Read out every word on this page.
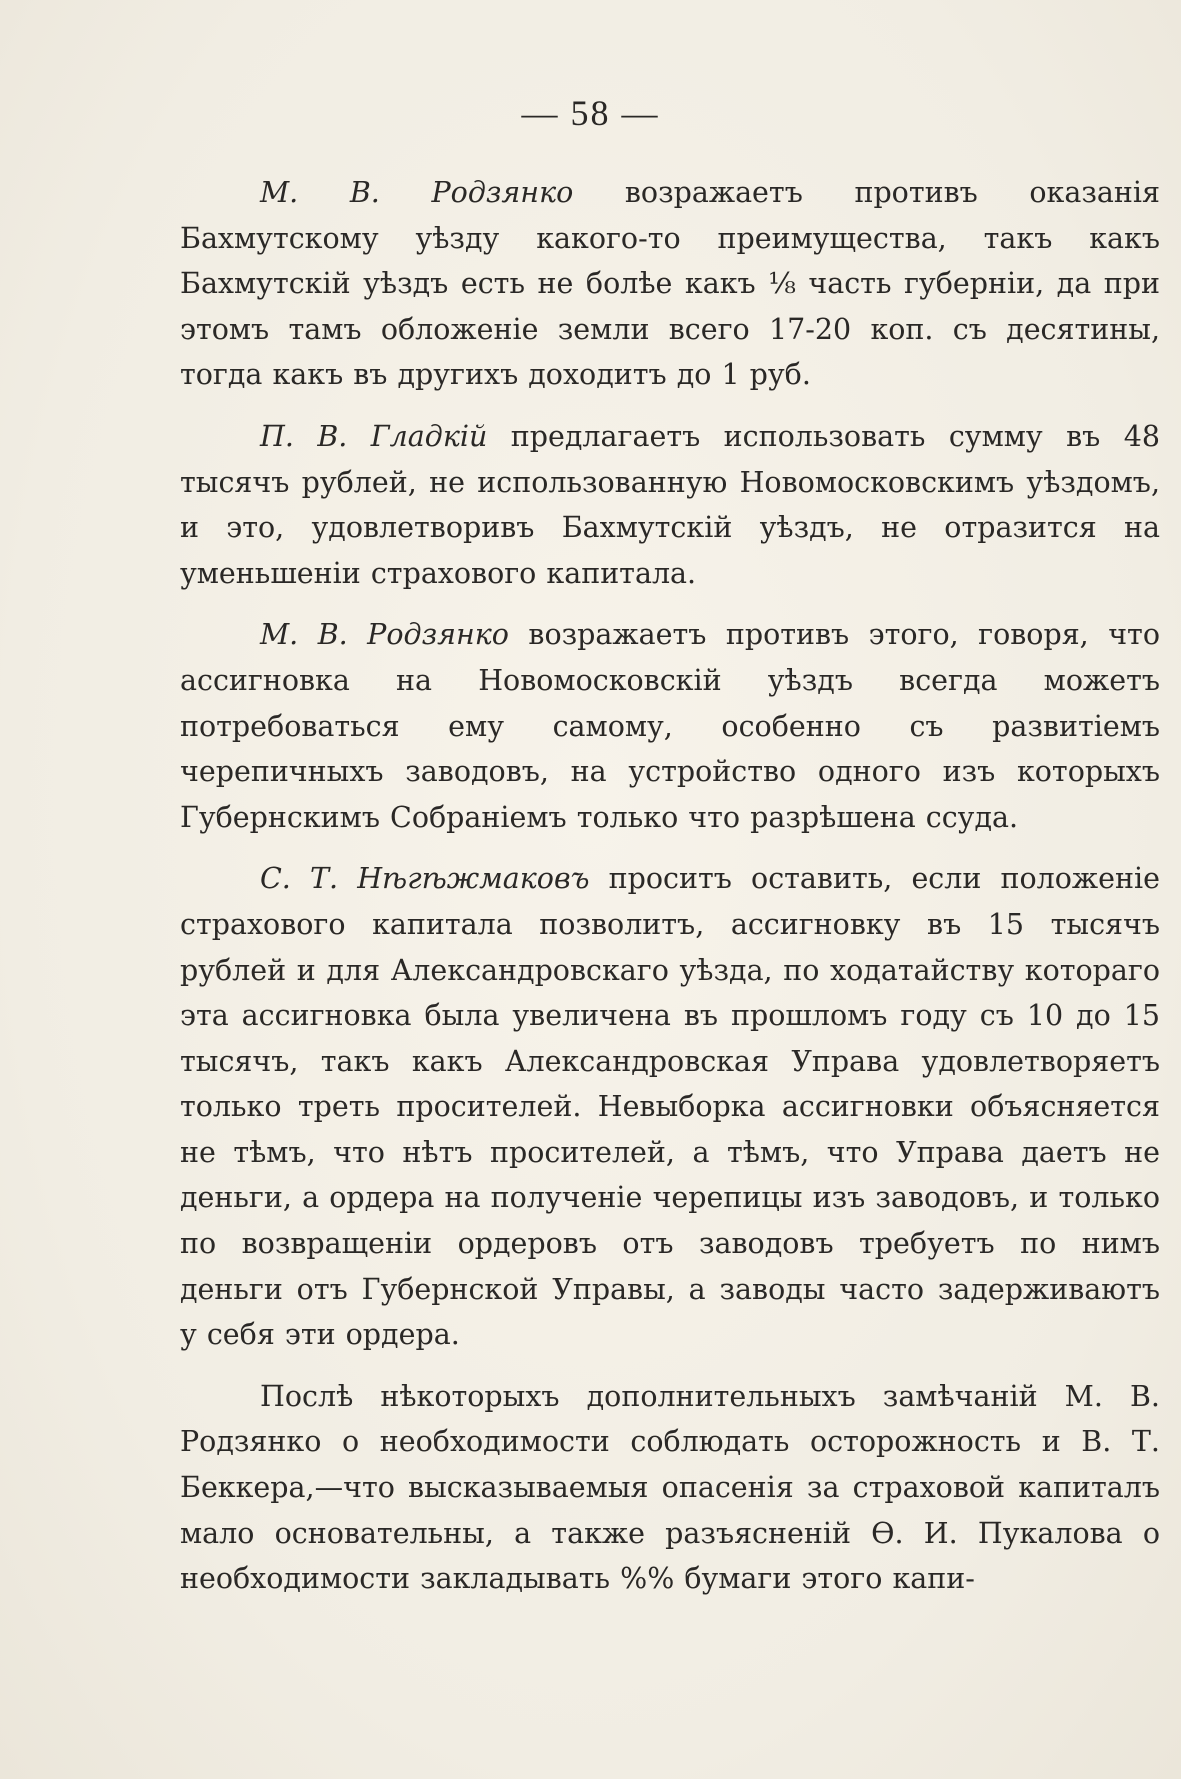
— 58 —

М. В. Родзянко возражаетъ противъ оказанія Бахмутскому уѣзду какого-то преимущества, такъ какъ Бахмутскій уѣздъ есть не болѣе какъ ⅛ часть губерніи, да при этомъ тамъ обложеніе земли всего 17-20 коп. съ десятины, тогда какъ въ другихъ доходитъ до 1 руб.

П. В. Гладкій предлагаетъ использовать сумму въ 48 тысячъ рублей, не использованную Новомосковскимъ уѣздомъ, и это, удовлетворивъ Бахмутскій уѣздъ, не отразится на уменьшеніи страхового капитала.

М. В. Родзянко возражаетъ противъ этого, говоря, что ассигновка на Новомосковскій уѣздъ всегда можетъ потребоваться ему самому, особенно съ развитіемъ черепичныхъ заводовъ, на устройство одного изъ которыхъ Губернскимъ Собраніемъ только что разрѣшена ссуда.

С. Т. Нѣгѣжмаковъ проситъ оставить, если положеніе страхового капитала позволитъ, ассигновку въ 15 тысячъ рублей и для Александровскаго уѣзда, по ходатайству котораго эта ассигновка была увеличена въ прошломъ году съ 10 до 15 тысячъ, такъ какъ Александровская Управа удовлетворяетъ только треть просителей. Невыборка ассигновки объясняется не тѣмъ, что нѣтъ просителей, а тѣмъ, что Управа даетъ не деньги, а ордера на полученіе черепицы изъ заводовъ, и только по возвращеніи ордеровъ отъ заводовъ требуетъ по нимъ деньги отъ Губернской Управы, а заводы часто задерживаютъ у себя эти ордера.

Послѣ нѣкоторыхъ дополнительныхъ замѣчаній М. В. Родзянко о необходимости соблюдать осторожность и В. Т. Беккера,—что высказываемыя опасенія за страховой капиталъ мало основательны, а также разъясненій Ѳ. И. Пукалова о необходимости закладывать %% бумаги этого капи-
